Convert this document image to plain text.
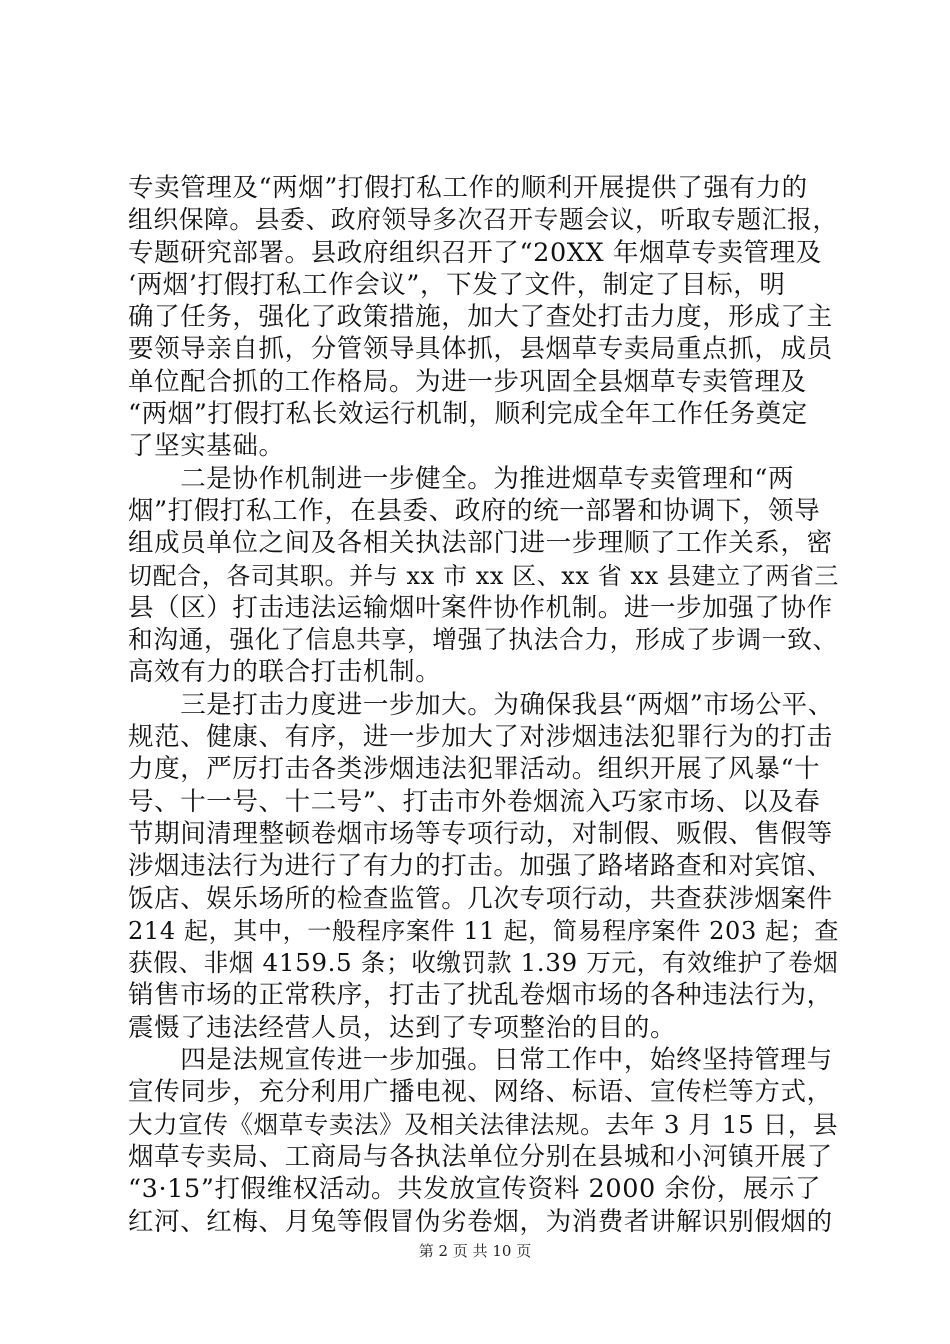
专卖管理及“两烟”打假打私工作的顺利开展提供了强有力的
组织保障。县委、政府领导多次召开专题会议，听取专题汇报，
专题研究部署。县政府组织召开了“20XX 年烟草专卖管理及
‘两烟’打假打私工作会议”，下发了文件，制定了目标，明
确了任务，强化了政策措施，加大了查处打击力度，形成了主
要领导亲自抓，分管领导具体抓，县烟草专卖局重点抓，成员
单位配合抓的工作格局。为进一步巩固全县烟草专卖管理及
“两烟”打假打私长效运行机制，顺利完成全年工作任务奠定
了坚实基础。
　　二是协作机制进一步健全。为推进烟草专卖管理和“两
烟”打假打私工作，在县委、政府的统一部署和协调下，领导
组成员单位之间及各相关执法部门进一步理顺了工作关系，密
切配合，各司其职。并与 xx 市 xx 区、xx 省 xx 县建立了两省三
县（区）打击违法运输烟叶案件协作机制。进一步加强了协作
和沟通，强化了信息共享，增强了执法合力，形成了步调一致、
高效有力的联合打击机制。
　　三是打击力度进一步加大。为确保我县“两烟”市场公平、
规范、健康、有序，进一步加大了对涉烟违法犯罪行为的打击
力度，严厉打击各类涉烟违法犯罪活动。组织开展了风暴“十
号、十一号、十二号”、打击市外卷烟流入巧家市场、以及春
节期间清理整顿卷烟市场等专项行动，对制假、贩假、售假等
涉烟违法行为进行了有力的打击。加强了路堵路查和对宾馆、
饭店、娱乐场所的检查监管。几次专项行动，共查获涉烟案件
214 起，其中，一般程序案件 11 起，简易程序案件 203 起；查
获假、非烟 4159.5 条；收缴罚款 1.39 万元，有效维护了卷烟
销售市场的正常秩序，打击了扰乱卷烟市场的各种违法行为，
震慑了违法经营人员，达到了专项整治的目的。
　　四是法规宣传进一步加强。日常工作中，始终坚持管理与
宣传同步，充分利用广播电视、网络、标语、宣传栏等方式，
大力宣传《烟草专卖法》及相关法律法规。去年 3 月 15 日，县
烟草专卖局、工商局与各执法单位分别在县城和小河镇开展了
“3·15”打假维权活动。共发放宣传资料 2000 余份，展示了
红河、红梅、月兔等假冒伪劣卷烟，为消费者讲解识别假烟的
第 2 页 共 10 页
